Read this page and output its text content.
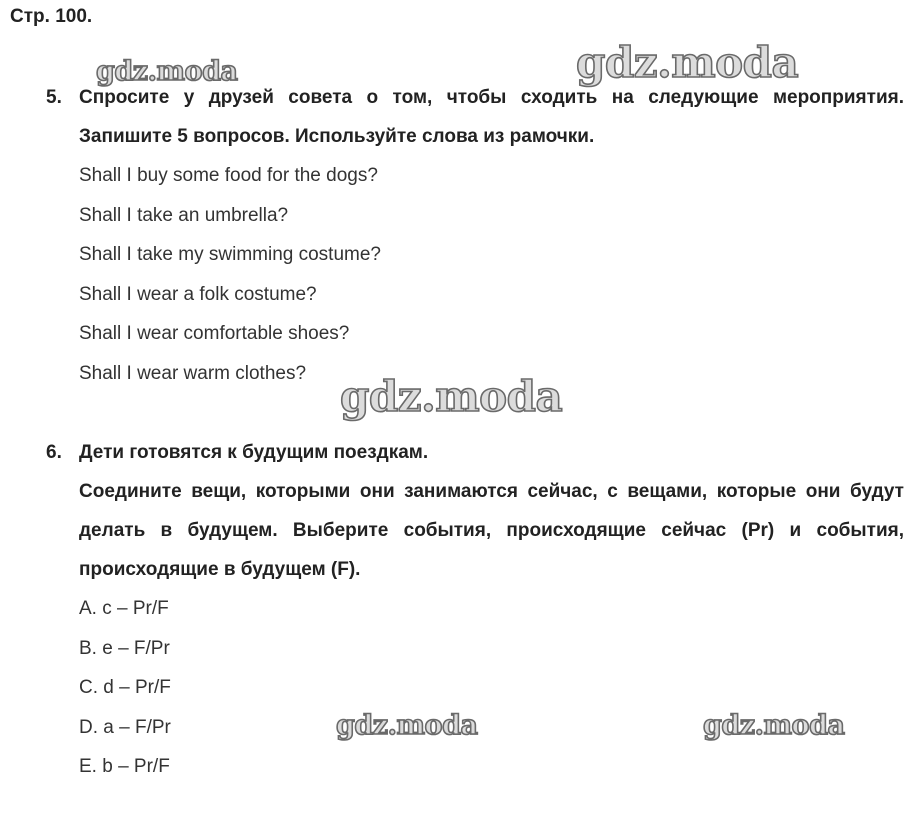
Стр. 100.
5. Спросите у друзей совета о том, чтобы сходить на следующие мероприятия. Запишите 5 вопросов. Используйте слова из рамочки.
Shall I buy some food for the dogs?
Shall I take an umbrella?
Shall I take my swimming costume?
Shall I wear a folk costume?
Shall I wear comfortable shoes?
Shall I wear warm clothes?
6. Дети готовятся к будущим поездкам.
Соедините вещи, которыми они занимаются сейчас, с вещами, которые они будут делать в будущем. Выберите события, происходящие сейчас (Pr) и события, происходящие в будущем (F).
A. c – Pr/F
B. e – F/Pr
C. d – Pr/F
D. a – F/Pr
E. b – Pr/F
gdz.moda	gdz.moda
gdz.moda
gdz.moda	gdz.moda
